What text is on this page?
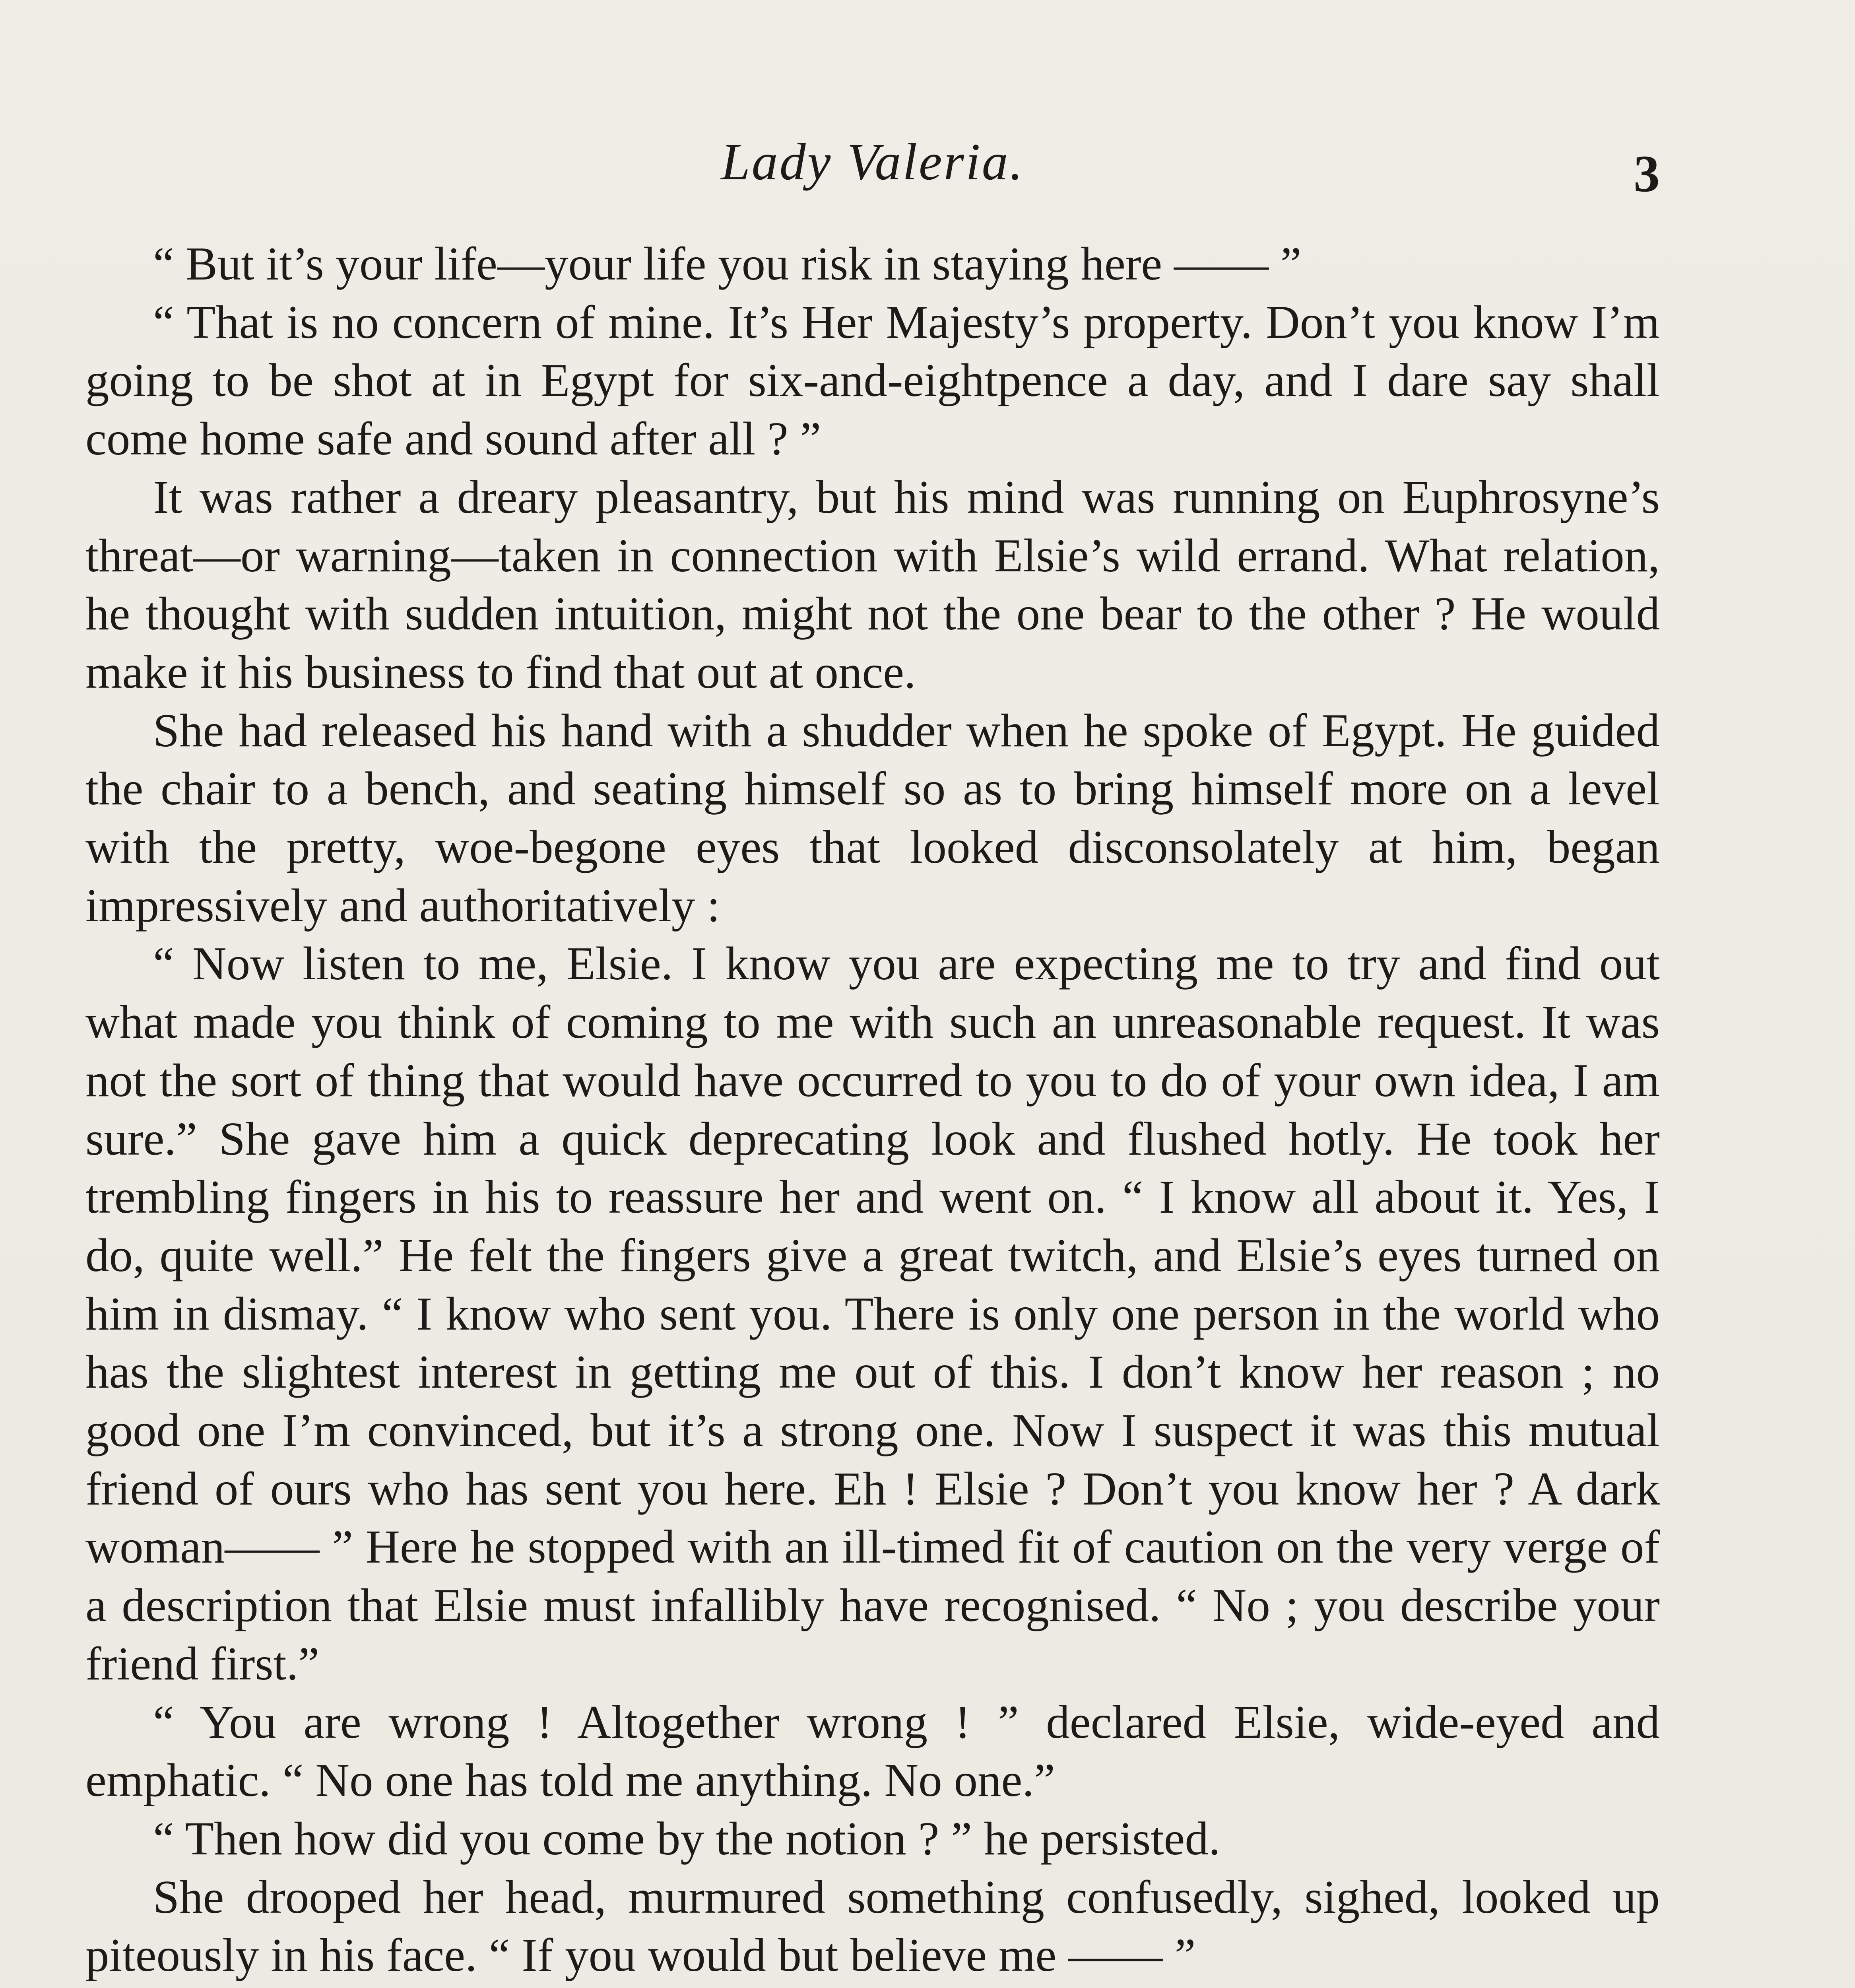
Lady Valeria.	3

“ But it’s your life—your life you risk in staying here —— ”

“ That is no concern of mine. It’s Her Majesty’s property. Don’t you know I’m going to be shot at in Egypt for six-and-eightpence a day, and I dare say shall come home safe and sound after all ? ”

It was rather a dreary pleasantry, but his mind was running on Euphrosyne’s threat—or warning—taken in connection with Elsie’s wild errand. What relation, he thought with sudden intuition, might not the one bear to the other ? He would make it his business to find that out at once.

She had released his hand with a shudder when he spoke of Egypt. He guided the chair to a bench, and seating himself so as to bring himself more on a level with the pretty, woe-begone eyes that looked disconsolately at him, began impressively and authoritatively :

“ Now listen to me, Elsie. I know you are expecting me to try and find out what made you think of coming to me with such an unreasonable request. It was not the sort of thing that would have occurred to you to do of your own idea, I am sure.” She gave him a quick deprecating look and flushed hotly. He took her trembling fingers in his to reassure her and went on. “ I know all about it. Yes, I do, quite well.” He felt the fingers give a great twitch, and Elsie’s eyes turned on him in dismay. “ I know who sent you. There is only one person in the world who has the slightest interest in getting me out of this. I don’t know her reason ; no good one I’m convinced, but it’s a strong one. Now I suspect it was this mutual friend of ours who has sent you here. Eh ! Elsie ? Don’t you know her ? A dark woman—— ” Here he stopped with an ill-timed fit of caution on the very verge of a description that Elsie must infallibly have recognised. “ No ; you describe your friend first.”

“ You are wrong ! Altogether wrong ! ” declared Elsie, wide-eyed and emphatic. “ No one has told me anything. No one.”

“ Then how did you come by the notion ? ” he persisted.

She drooped her head, murmured something confusedly, sighed, looked up piteously in his face. “ If you would but believe me —— ”
